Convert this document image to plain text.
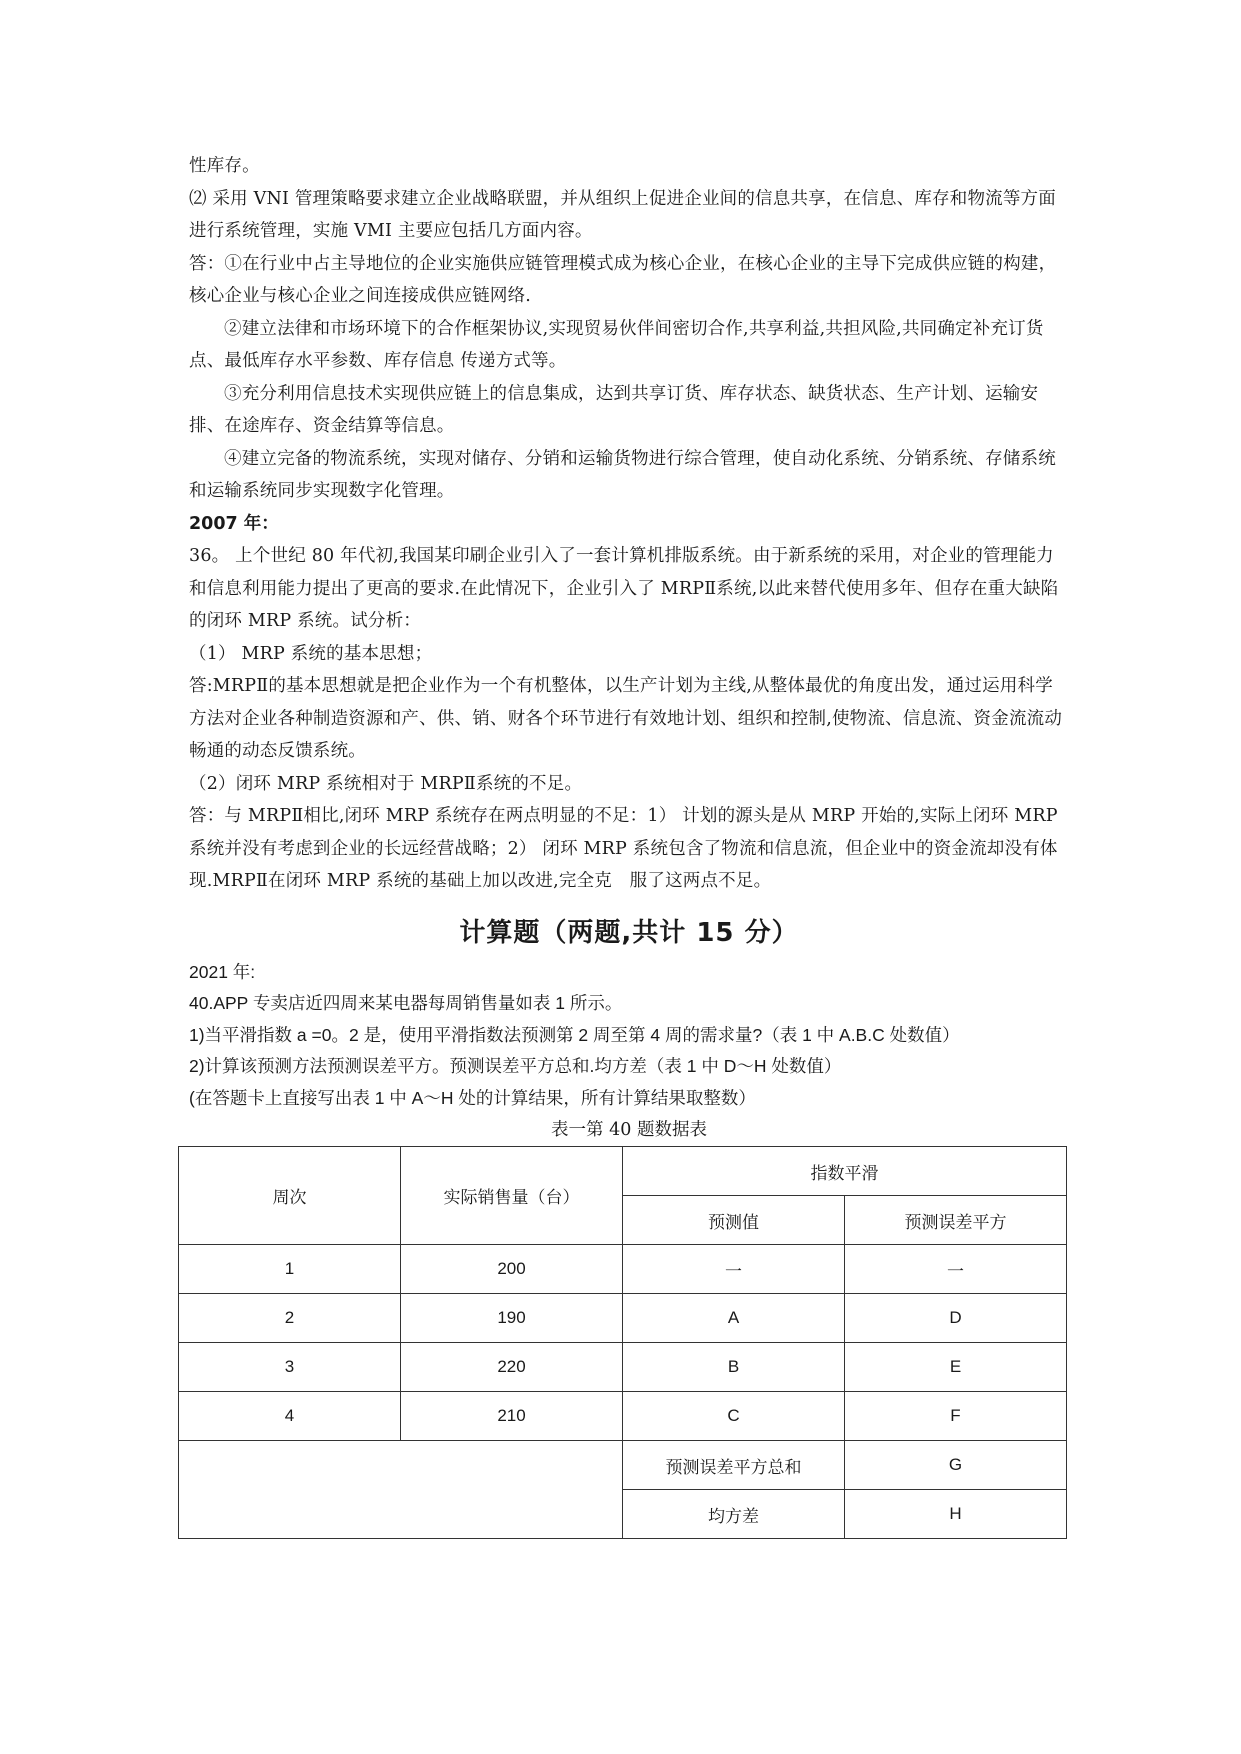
性库存。

⑵ 采用 VNI 管理策略要求建立企业战略联盟，并从组织上促进企业间的信息共享，在信息、库存和物流等方面进行系统管理，实施 VMI 主要应包括几方面内容。

答：①在行业中占主导地位的企业实施供应链管理模式成为核心企业，在核心企业的主导下完成供应链的构建，核心企业与核心企业之间连接成供应链网络.

②建立法律和市场环境下的合作框架协议,实现贸易伙伴间密切合作,共享利益,共担风险,共同确定补充订货点、最低库存水平参数、库存信息 传递方式等。

③充分利用信息技术实现供应链上的信息集成，达到共享订货、库存状态、缺货状态、生产计划、运输安排、在途库存、资金结算等信息。

④建立完备的物流系统，实现对储存、分销和运输货物进行综合管理，使自动化系统、分销系统、存储系统和运输系统同步实现数字化管理。

2007 年：

36。 上个世纪 80 年代初,我国某印刷企业引入了一套计算机排版系统。由于新系统的采用，对企业的管理能力和信息利用能力提出了更高的要求.在此情况下，企业引入了 MRPⅡ系统,以此来替代使用多年、但存在重大缺陷的闭环 MRP 系统。试分析：

（1） MRP 系统的基本思想；

答:MRPⅡ的基本思想就是把企业作为一个有机整体，以生产计划为主线,从整体最优的角度出发，通过运用科学方法对企业各种制造资源和产、供、销、财各个环节进行有效地计划、组织和控制,使物流、信息流、资金流流动畅通的动态反馈系统。

（2）闭环 MRP 系统相对于 MRPⅡ系统的不足。

答：与 MRPⅡ相比,闭环 MRP 系统存在两点明显的不足：1） 计划的源头是从 MRP 开始的,实际上闭环 MRP 系统并没有考虑到企业的长远经营战略；2） 闭环 MRP 系统包含了物流和信息流，但企业中的资金流却没有体现.MRPⅡ在闭环 MRP 系统的基础上加以改进,完全克　服了这两点不足。

计算题（两题,共计 15 分）
2021 年:
40.APP 专卖店近四周来某电器每周销售量如表 1 所示。
1)当平滑指数 a =0。2 是，使用平滑指数法预测第 2 周至第 4 周的需求量?（表 1 中 A.B.C 处数值）
2)计算该预测方法预测误差平方。预测误差平方总和.均方差（表 1 中 D～H 处数值）
(在答题卡上直接写出表 1 中 A～H 处的计算结果，所有计算结果取整数）
表一第 40 题数据表
周次	实际销售量（台）	指数平滑	
		预测值	预测误差平方
1	200	一	一
2	190	A	D
3	220	B	E
4	210	C	F
		预测误差平方总和	G
		均方差	H
